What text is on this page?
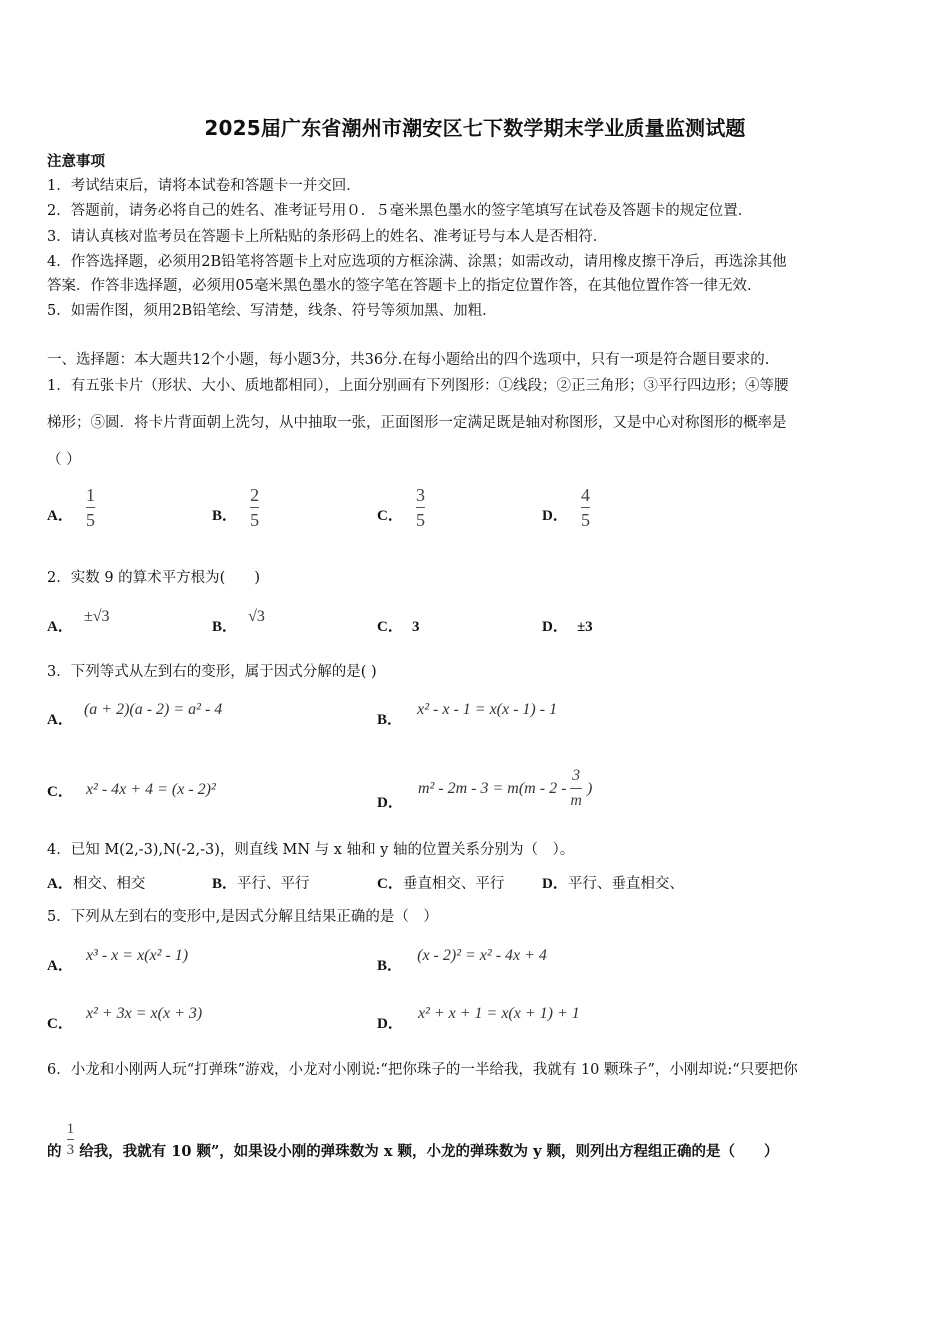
2025届广东省潮州市潮安区七下数学期末学业质量监测试题
注意事项
1．考试结束后，请将本试卷和答题卡一并交回．
2．答题前，请务必将自己的姓名、准考证号用０．５毫米黑色墨水的签字笔填写在试卷及答题卡的规定位置．
3．请认真核对监考员在答题卡上所粘贴的条形码上的姓名、准考证号与本人是否相符．
4．作答选择题，必须用2B铅笔将答题卡上对应选项的方框涂满、涂黑；如需改动，请用橡皮擦干净后，再选涂其他
答案．作答非选择题，必须用05毫米黑色墨水的签字笔在答题卡上的指定位置作答，在其他位置作答一律无效．
5．如需作图，须用2B铅笔绘、写清楚，线条、符号等须加黑、加粗．
一、选择题：本大题共12个小题，每小题3分，共36分.在每小题给出的四个选项中，只有一项是符合题目要求的.
1．有五张卡片（形状、大小、质地都相同），上面分别画有下列图形：①线段；②正三角形；③平行四边形；④等腰
梯形；⑤圆．将卡片背面朝上洗匀，从中抽取一张，正面图形一定满足既是轴对称图形，又是中心对称图形的概率是
（ ）
A． $\frac{1}{5}$	B． $\frac{2}{5}$	C． $\frac{3}{5}$	D． $\frac{4}{5}$
2．实数 9 的算术平方根为(　　)
A． ±√3
B． √3
C． 3	D． ±3
3．下列等式从左到右的变形，属于因式分解的是( )
A． (a + 2)(a - 2) = a² - 4
B． x² - x - 1 = x(x - 1) - 1
C． x² - 4x + 4 = (x - 2)²
D． $m^2 - 2m - 3 = m(m - 2 - \frac{3}{m}$ )
4．已知 M(2,-3),N(-2,-3)，则直线 MN 与 x 轴和 y 轴的位置关系分别为（　）。
A．相交、相交	B．平行、平行	C．垂直相交、平行	D．平行、垂直相交、
5．下列从左到右的变形中,是因式分解且结果正确的是（　）
A． x³ - x = x(x² - 1)
B． (x - 2)² = x² - 4x + 4
C． x² + 3x = x(x + 3)
D． x² + x + 1 = x(x + 1) + 1
6．小龙和小刚两人玩“打弹珠”游戏，小龙对小刚说:“把你珠子的一半给我，我就有 10 颗珠子”，小刚却说:“只要把你
的 $\frac{1}{3}$ 给我，我就有 10 颗”，如果设小刚的弹珠数为 x 颗，小龙的弹珠数为 y 颗，则列出方程组正确的是（　　）
